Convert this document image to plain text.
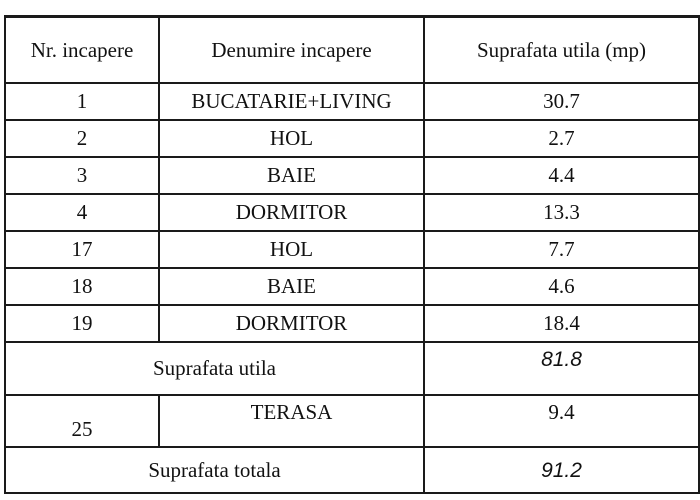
Nr. incapere	Denumire incapere	Suprafata utila (mp)
1	BUCATARIE+LIVING	30.7
2	HOL	2.7
3	BAIE	4.4
4	DORMITOR	13.3
17	HOL	7.7
18	BAIE	4.6
19	DORMITOR	18.4
Suprafata utila		81.8
25	TERASA	9.4
Suprafata totala		91.2
